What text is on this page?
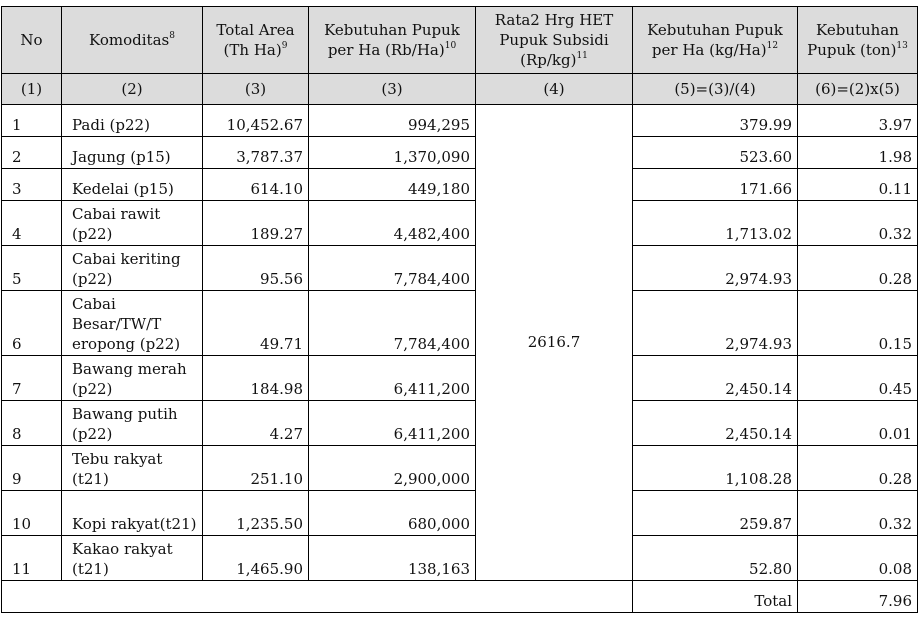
No	Komoditas$^8$	Total Area (Th Ha)$^9$	Kebutuhan Pupuk per Ha $(Rb/Ha)^{10}$	Rata2 Hrg HET Pupuk Subsidi $(Rp/kg)^{11}$	Kebutuhan Pupuk per Ha $(kg/Ha)^{12}$	Kebutuhan Pupuk (ton)$^{13}$
(1)	(2)	(3)	(3)	(4)	(5)=(3)/(4)	(6)=(2)x(5)
1	Padi (p22)	10,452.67	994,295	2616.7	379.99	3.97
2	Jagung (p15)	3,787.37	1,370,090		523.60	1.98
3	Kedelai (p15)	614.10	449,180		171.66	0.11
4	Cabai rawit (p22)	189.27	4,482,400		1,713.02	0.32
5	Cabai keriting (p22)	95.56	7,784,400		2,974.93	0.28
6	Cabai Besar/TW/T eropong (p22)	49.71	7,784,400		2,974.93	0.15
7	Bawang merah (p22)	184.98	6,411,200		2,450.14	0.45
8	Bawang putih (p22)	4.27	6,411,200		2,450.14	0.01
9	Tebu rakyat (t21)	251.10	2,900,000		1,108.28	0.28
10	Kopi rakyat(t21)	1,235.50	680,000		259.87	0.32
11	Kakao rakyat (t21)	1,465.90	138,163		52.80	0.08
					Total	7.96
